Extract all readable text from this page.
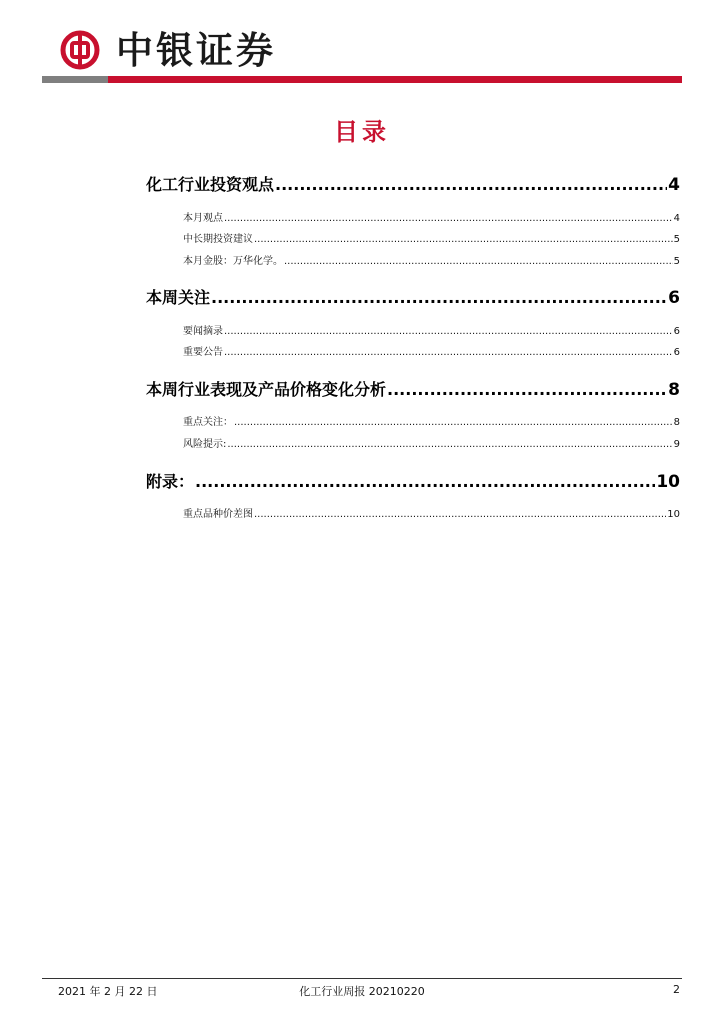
中银证券
目录
化工行业投资观点 .....	4
本月观点 .....	4
中长期投资建议 .....	5
本月金股：万华化学。 .....	5
本周关注 .....	6
要闻摘录 .....	6
重要公告 .....	6
本周行业表现及产品价格变化分析 .....	8
重点关注： .....	8
风险提示: .....	9
附录： .....	10
重点品种价差图 .....	10
2021 年 2 月 22 日	化工行业周报 20210220	2
